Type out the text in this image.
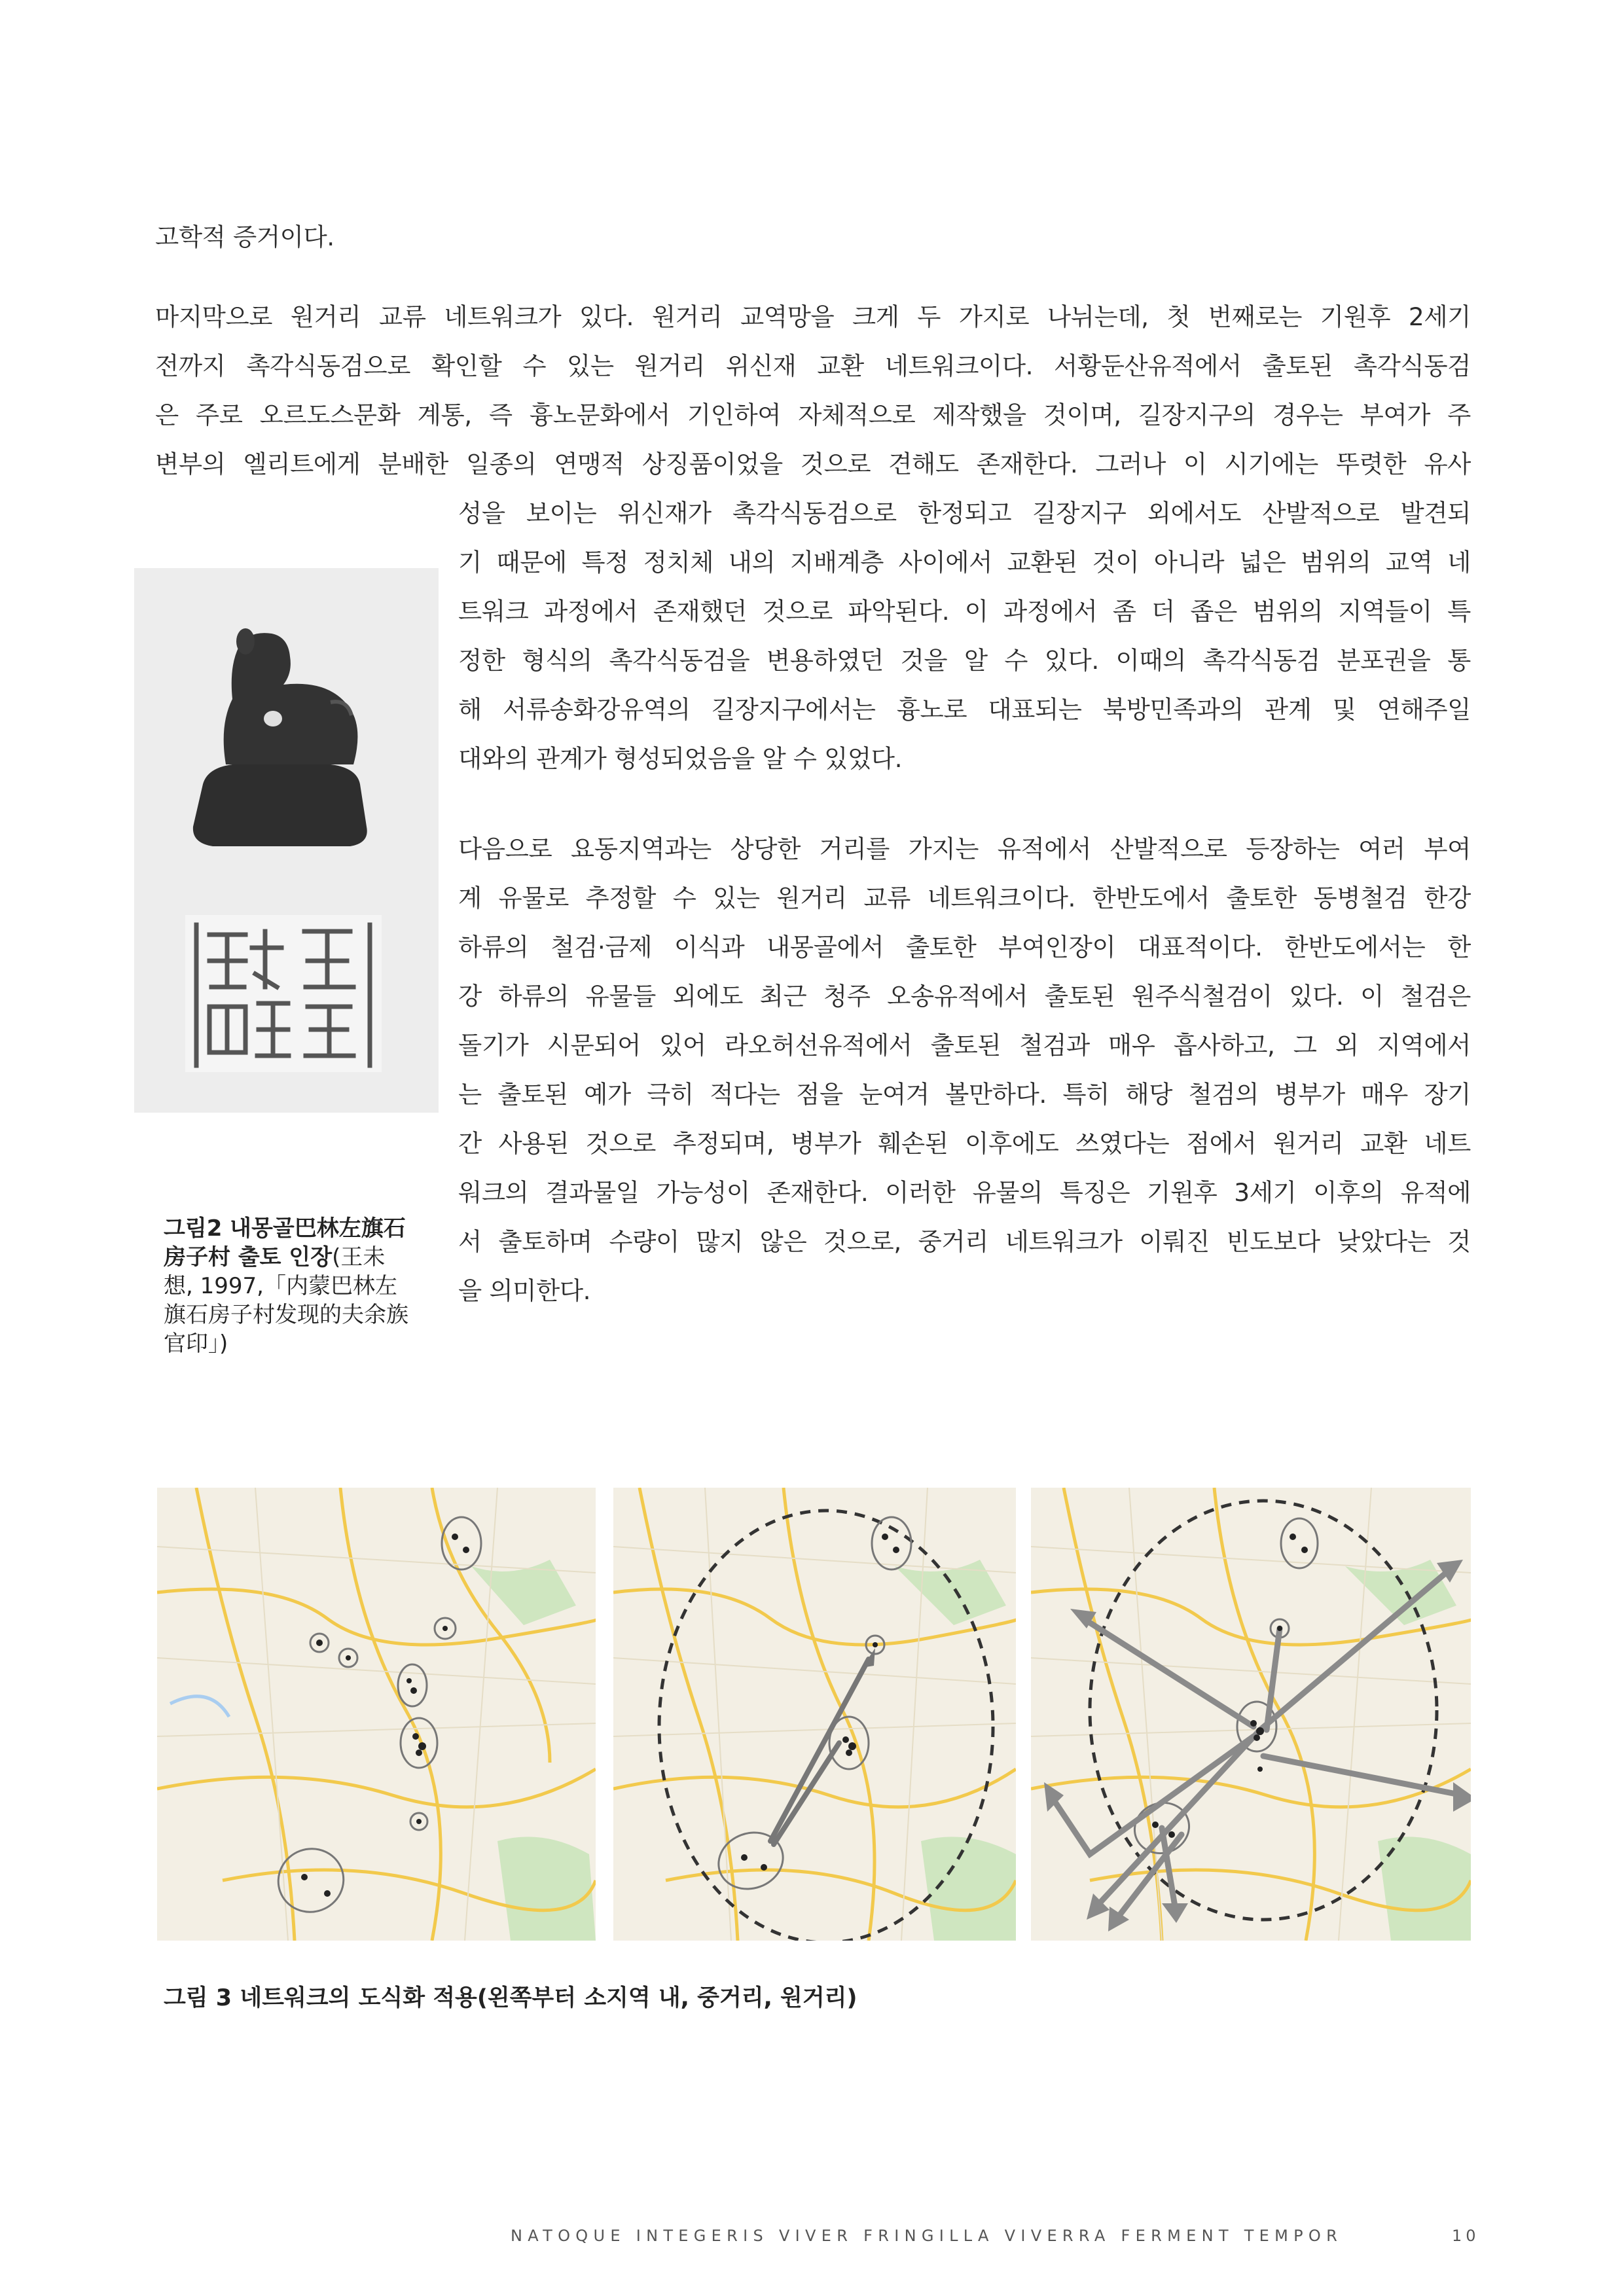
고학적 증거이다.
마지막으로 원거리 교류 네트워크가 있다. 원거리 교역망을 크게 두 가지로 나뉘는데, 첫 번째로는 기원후 2세기
전까지 촉각식동검으로 확인할 수 있는 원거리 위신재 교환 네트워크이다. 서황둔산유적에서 출토된 촉각식동검
은 주로 오르도스문화 계통, 즉 흉노문화에서 기인하여 자체적으로 제작했을 것이며, 길장지구의 경우는 부여가 주
변부의 엘리트에게 분배한 일종의 연맹적 상징품이었을 것으로 견해도 존재한다. 그러나 이 시기에는 뚜렷한 유사
성을 보이는 위신재가 촉각식동검으로 한정되고 길장지구 외에서도 산발적으로 발견되
기 때문에 특정 정치체 내의 지배계층 사이에서 교환된 것이 아니라 넓은 범위의 교역 네
트워크 과정에서 존재했던 것으로 파악된다. 이 과정에서 좀 더 좁은 범위의 지역들이 특
정한 형식의 촉각식동검을 변용하였던 것을 알 수 있다. 이때의 촉각식동검 분포권을 통
해 서류송화강유역의 길장지구에서는 흉노로 대표되는 북방민족과의 관계 및 연해주일
대와의 관계가 형성되었음을 알 수 있었다.
다음으로 요동지역과는 상당한 거리를 가지는 유적에서 산발적으로 등장하는 여러 부여
계 유물로 추정할 수 있는 원거리 교류 네트워크이다. 한반도에서 출토한 동병철검 한강
하류의 철검·금제 이식과 내몽골에서 출토한 부여인장이 대표적이다. 한반도에서는 한
강 하류의 유물들 외에도 최근 청주 오송유적에서 출토된 원주식철검이 있다. 이 철검은
돌기가 시문되어 있어 라오허선유적에서 출토된 철검과 매우 흡사하고, 그 외 지역에서
는 출토된 예가 극히 적다는 점을 눈여겨 볼만하다. 특히 해당 철검의 병부가 매우 장기
간 사용된 것으로 추정되며, 병부가 훼손된 이후에도 쓰였다는 점에서 원거리 교환 네트
워크의 결과물일 가능성이 존재한다. 이러한 유물의 특징은 기원후 3세기 이후의 유적에
서 출토하며 수량이 많지 않은 것으로, 중거리 네트워크가 이뤄진 빈도보다 낮았다는 것
을 의미한다.

그림2 내몽골巴林左旗石房子村 출토 인장(王未想, 1997,「内蒙巴林左旗石房子村发现的夫余族官印」)

그림 3 네트워크의 도식화 적용(왼쪽부터 소지역 내, 중거리, 원거리)

NATOQUE INTEGERIS VIVER FRINGILLA VIVERRA FERMENT TEMPOR	10
